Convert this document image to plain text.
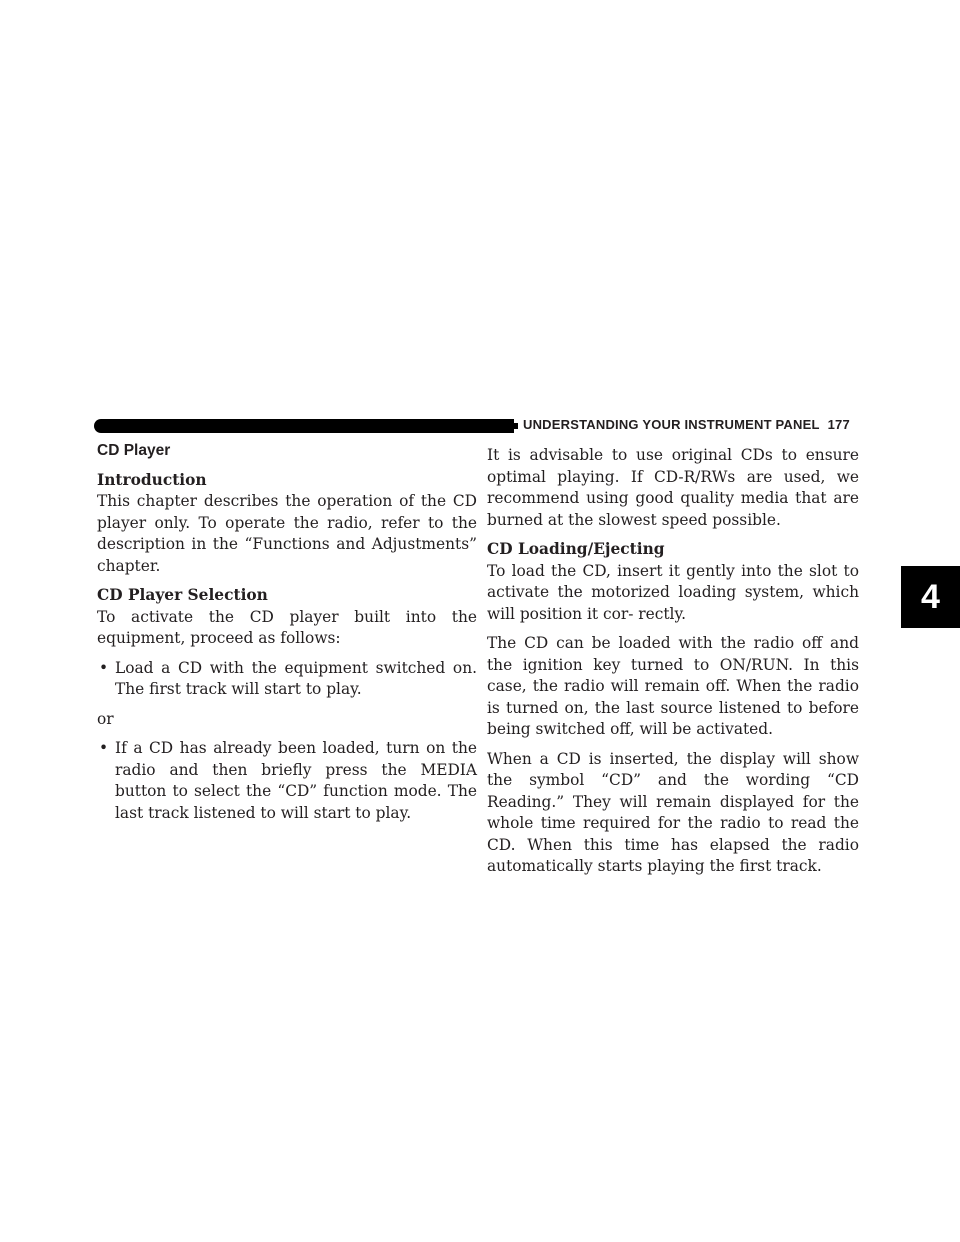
UNDERSTANDING YOUR INSTRUMENT PANEL 177
4
CD Player
Introduction

This chapter describes the operation of the CD player only. To operate the radio, refer to the description in the “Functions and Adjustments” chapter.

CD Player Selection

To activate the CD player built into the equipment, proceed as follows:

• Load a CD with the equipment switched on. The first track will start to play.

or

• If a CD has already been loaded, turn on the radio and then briefly press the MEDIA button to select the “CD” function mode. The last track listened to will start to play.

It is advisable to use original CDs to ensure optimal playing. If CD-R/RWs are used, we recommend using good quality media that are burned at the slowest speed possible.

CD Loading/Ejecting

To load the CD, insert it gently into the slot to activate the motorized loading system, which will position it cor- rectly.

The CD can be loaded with the radio off and the ignition key turned to ON/RUN. In this case, the radio will remain off. When the radio is turned on, the last source listened to before being switched off, will be activated.

When a CD is inserted, the display will show the symbol “CD” and the wording “CD Reading.” They will remain displayed for the whole time required for the radio to read the CD. When this time has elapsed the radio automatically starts playing the first track.
